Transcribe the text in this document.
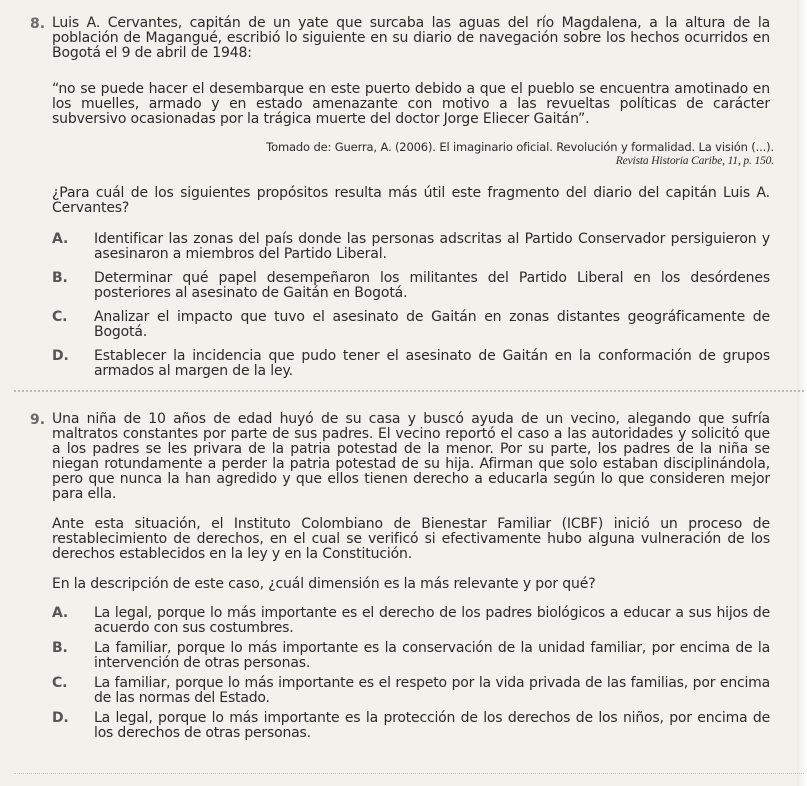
8. Luis A. Cervantes, capitán de un yate que surcaba las aguas del río Magdalena, a la altura de la población de Magangué, escribió lo siguiente en su diario de navegación sobre los hechos ocurridos en Bogotá el 9 de abril de 1948:
“no se puede hacer el desembarque en este puerto debido a que el pueblo se encuentra amotinado en los muelles, armado y en estado amenazante con motivo a las revueltas políticas de carácter subversivo ocasionadas por la trágica muerte del doctor Jorge Eliecer Gaitán”.
Tomado de: Guerra, A. (2006). El imaginario oficial. Revolución y formalidad. La visión (...).
Revista Historia Caribe, 11, p. 150.
¿Para cuál de los siguientes propósitos resulta más útil este fragmento del diario del capitán Luis A. Cervantes?
A. Identificar las zonas del país donde las personas adscritas al Partido Conservador persiguieron y asesinaron a miembros del Partido Liberal.
B. Determinar qué papel desempeñaron los militantes del Partido Liberal en los desórdenes posteriores al asesinato de Gaitán en Bogotá.
C. Analizar el impacto que tuvo el asesinato de Gaitán en zonas distantes geográficamente de Bogotá.
D. Establecer la incidencia que pudo tener el asesinato de Gaitán en la conformación de grupos armados al margen de la ley.
9. Una niña de 10 años de edad huyó de su casa y buscó ayuda de un vecino, alegando que sufría maltratos constantes por parte de sus padres. El vecino reportó el caso a las autoridades y solicitó que a los padres se les privara de la patria potestad de la menor. Por su parte, los padres de la niña se niegan rotundamente a perder la patria potestad de su hija. Afirman que solo estaban disciplinándola, pero que nunca la han agredido y que ellos tienen derecho a educarla según lo que consideren mejor para ella.
Ante esta situación, el Instituto Colombiano de Bienestar Familiar (ICBF) inició un proceso de restablecimiento de derechos, en el cual se verificó si efectivamente hubo alguna vulneración de los derechos establecidos en la ley y en la Constitución.
En la descripción de este caso, ¿cuál dimensión es la más relevante y por qué?
A. La legal, porque lo más importante es el derecho de los padres biológicos a educar a sus hijos de acuerdo con sus costumbres.
B. La familiar, porque lo más importante es la conservación de la unidad familiar, por encima de la intervención de otras personas.
C. La familiar, porque lo más importante es el respeto por la vida privada de las familias, por encima de las normas del Estado.
D. La legal, porque lo más importante es la protección de los derechos de los niños, por encima de los derechos de otras personas.
